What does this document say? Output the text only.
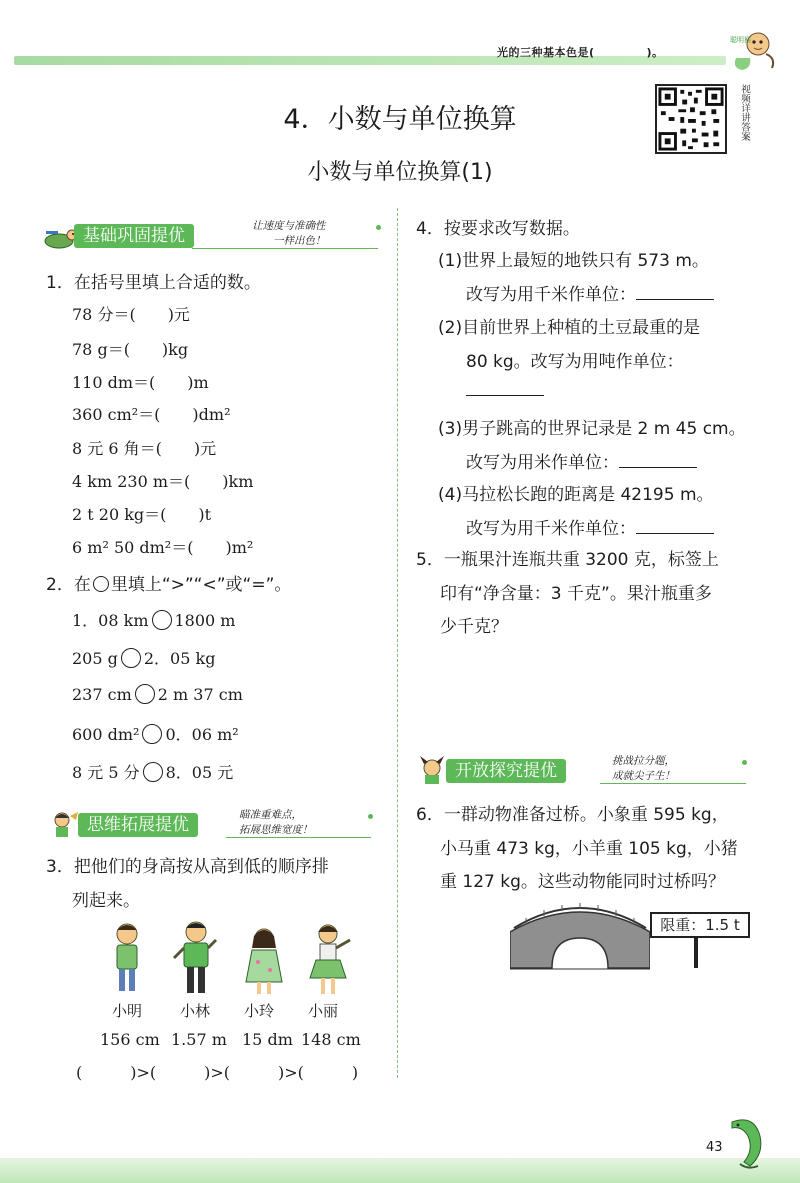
光的三种基本色是(	)。
聪明猴
视频详讲答案
4．小数与单位换算
小数与单位换算(1)
基础巩固提优	让速度与准确性
一样出色！
1．在括号里填上合适的数。
78 分＝(　　)元
78 g＝(　　)kg
110 dm＝(　　)m
360 cm²＝(　　)dm²
8 元 6 角＝(　　)元
4 km 230 m＝(　　)km
2 t 20 kg＝(　　)t
6 m² 50 dm²＝(　　)m²
2．在 里填上“>”“<”或“=”。
1．08 km 1800 m
205 g 2．05 kg
237 cm 2 m 37 cm
600 dm² 0．06 m²
8 元 5 分 8．05 元
思维拓展提优	瞄准重难点，
拓展思维宽度！
3．把他们的身高按从高到低的顺序排
列起来。
小明	小林 小玲 小丽
156 cm 1.57 m 15 dm 148 cm
(　　　)>(　　　)>(　　　)>(　　　)
4．按要求改写数据。
(1)世界上最短的地铁只有 573 m。
改写为用千米作单位：
(2)目前世界上种植的土豆最重的是
80 kg。改写为用吨作单位：
(3)男子跳高的世界记录是 2 m 45 cm。
改写为用米作单位：
(4)马拉松长跑的距离是 42195 m。
改写为用千米作单位：
5．一瓶果汁连瓶共重 3200 克，标签上
印有“净含量：3 千克”。果汁瓶重多
少千克？
开放探究提优	挑战拉分题，
成就尖子生！
6．一群动物准备过桥。小象重 595 kg，
小马重 473 kg，小羊重 105 kg，小猪
重 127 kg。这些动物能同时过桥吗？
限重：1.5 t
43
